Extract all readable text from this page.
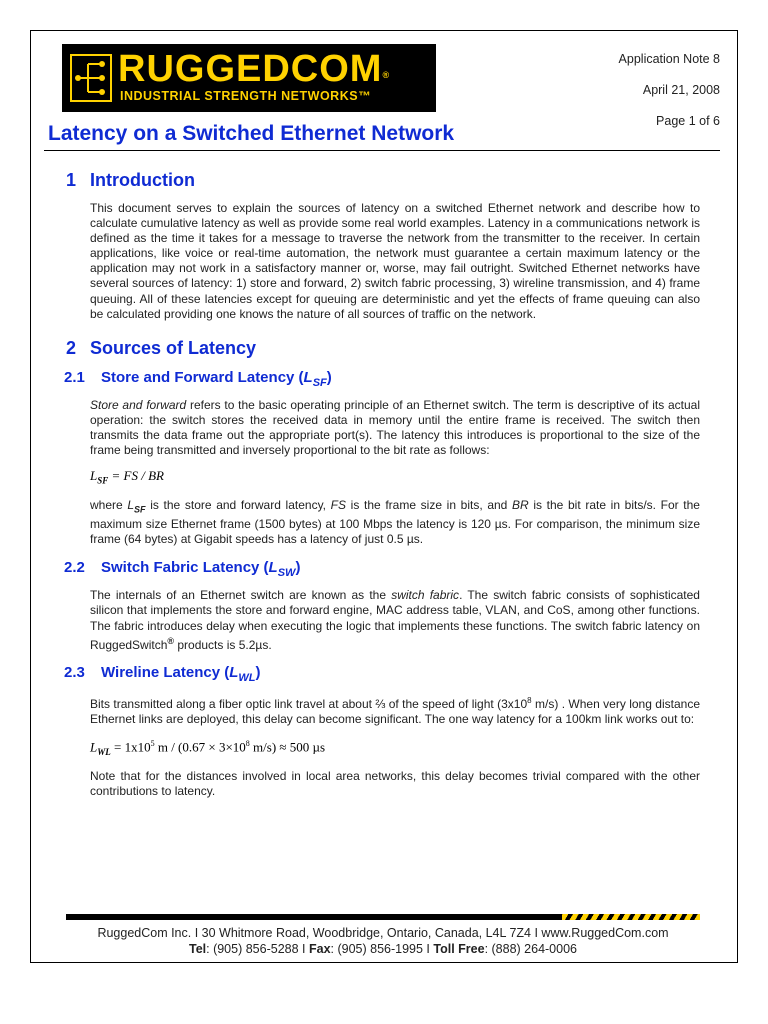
RUGGEDCOM®
INDUSTRIAL STRENGTH NETWORKS™
Application Note 8
April 21, 2008
Page 1 of 6
Latency on a Switched Ethernet Network
1 Introduction

This document serves to explain the sources of latency on a switched Ethernet network and describe how to calculate cumulative latency as well as provide some real world examples. Latency in a communications network is defined as the time it takes for a message to traverse the network from the transmitter to the receiver. In certain applications, like voice or real-time automation, the network must guarantee a certain maximum latency or the application may not work in a satisfactory manner or, worse, may fail outright. Switched Ethernet networks have several sources of latency: 1) store and forward, 2) switch fabric processing, 3) wireline transmission, and 4) frame queuing. All of these latencies except for queuing are deterministic and yet the effects of frame queuing can also be calculated providing one knows the nature of all sources of traffic on the network.

2 Sources of Latency
2.1 Store and Forward Latency $(L_{SF})$

Store and forward refers to the basic operating principle of an Ethernet switch. The term is descriptive of its actual operation: the switch stores the received data in memory until the entire frame is received. The switch then transmits the data frame out the appropriate port(s). The latency this introduces is proportional to the size of the frame being transmitted and inversely proportional to the bit rate as follows:

$L_{SF}$ = FS / BR

where $L_{SF}$ is the store and forward latency, FS is the frame size in bits, and BR is the bit rate in bits/s. For the maximum size Ethernet frame (1500 bytes) at 100 Mbps the latency is 120 µs. For comparison, the minimum size frame (64 bytes) at Gigabit speeds has a latency of just 0.5 µs.

2.2 Switch Fabric Latency $(L_{SW})$

The internals of an Ethernet switch are known as the switch fabric. The switch fabric consists of sophisticated silicon that implements the store and forward engine, MAC address table, VLAN, and CoS, among other functions. The fabric introduces delay when executing the logic that implements these functions. The switch fabric latency on RuggedSwitch® products is 5.2µs.

2.3 Wireline Latency $(L_{WL})$

Bits transmitted along a fiber optic link travel at about ⅔ of the speed of light ($3x10^8$ m/s) . When very long distance Ethernet links are deployed, this delay can become significant. The one way latency for a 100km link works out to:

$L_{WL} = 1x10^5$ $m / (0.67 \times 3\times 10^8$ m/s) ≈ 500 µs

Note that for the distances involved in local area networks, this delay becomes trivial compared with the other contributions to latency.

RuggedCom Inc. I 30 Whitmore Road, Woodbridge, Ontario, Canada, L4L 7Z4 I www.RuggedCom.com
Tel: (905) 856-5288 I Fax: (905) 856-1995 I Toll Free: (888) 264-0006
